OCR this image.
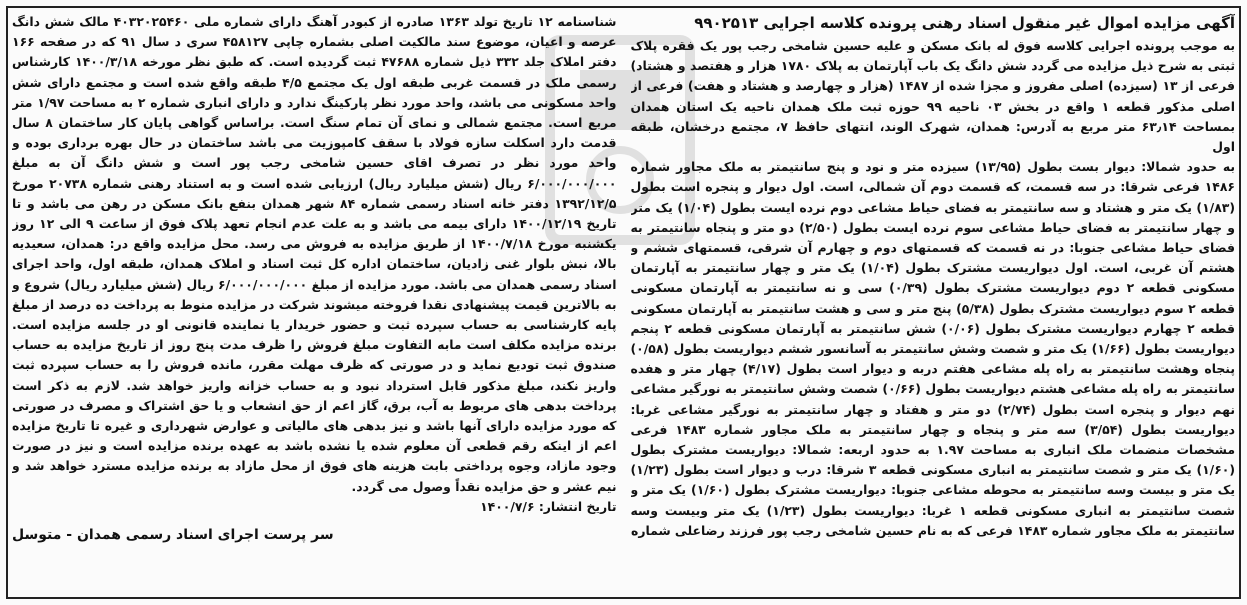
آگهی مزایده اموال غیر منقول اسناد رهنی پرونده کلاسه اجرایی ۹۹۰۲۵۱۳
به موجب پرونده اجرایی کلاسه فوق له بانک مسکن و علیه حسین شامخی رجب پور یک فقره پلاک ثبتی به شرح ذیل مزایده می گردد شش دانگ یک باب آپارتمان به پلاک ۱۷۸۰ هزار و هفتصد و هشتاد) فرعی از ۱۳ (سیزده) اصلی مفروز و مجزا شده از ۱۴۸۷ (هزار و چهارصد و هشتاد و هفت) فرعی از اصلی مذکور قطعه ۱ واقع در بخش ۰۳ ناحیه ۹۹ حوزه ثبت ملک همدان ناحیه یک استان همدان بمساحت ۶۳٫۱۴ متر مربع به آدرس: همدان، شهرک الوند، انتهای حافظ ۷، مجتمع درخشان، طبقه اول
به حدود شمالا: دیوار بست بطول (۱۳/۹۵) سیزده متر و نود و پنج سانتیمتر به ملک مجاور شماره ۱۴۸۶ فرعی شرقا: در سه قسمت، که قسمت دوم آن شمالی، است. اول دیوار و پنجره است بطول (۱/۸۳) یک متر و هشتاد و سه سانتیمتر به فضای حیاط مشاعی دوم نرده ایست بطول (۱/۰۴) یک متر و چهار سانتیمتر به فضای حیاط مشاعی سوم نرده ایست بطول (۲/۵۰) دو متر و پنجاه سانتیمتر به فضای حیاط مشاعی جنوبا: در نه قسمت که قسمتهای دوم و چهارم آن شرقی، قسمتهای ششم و هشتم آن غربی، است. اول دیواریست مشترک بطول (۱/۰۴) یک متر و چهار سانتیمتر به آپارتمان مسکونی قطعه ۲ دوم دیواریست مشترک بطول (۰/۳۹) سی و نه سانتیمتر به آپارتمان مسکونی قطعه ۲ سوم دیواریست مشترک بطول (۵/۳۸) پنج متر و سی و هشت سانتیمتر به آپارتمان مسکونی قطعه ۲ چهارم دیواریست مشترک بطول (۰/۰۶) شش سانتیمتر به آپارتمان مسکونی قطعه ۲ پنجم دیواریست بطول (۱/۶۶) یک متر و شصت وشش سانتیمتر به آسانسور ششم دیواریست بطول (۰/۵۸) پنجاه وهشت سانتیمتر به راه پله مشاعی هفتم دربه و دیوار است بطول (۴/۱۷) چهار متر و هفده سانتیمتر به راه پله مشاعی هشتم دیواریست بطول (۰/۶۶) شصت وشش سانتیمتر به نورگیر مشاعی نهم دیوار و پنجره است بطول (۲/۷۴) دو متر و هفتاد و چهار سانتیمتر به نورگیر مشاعی غربا: دیواریست بطول (۳/۵۴) سه متر و پنجاه و چهار سانتیمتر به ملک مجاور شماره ۱۴۸۳ فرعی مشخصات منضمات ملک انباری به مساحت ۱.۹۷ به حدود اربعه: شمالا: دیواریست مشترک بطول (۱/۶۰) یک متر و شصت سانتیمتر به انباری مسکونی قطعه ۳ شرقا: درب و دیوار است بطول (۱/۲۳) یک متر و بیست وسه سانتیمتر به محوطه مشاعی جنوبا: دیواریست مشترک بطول (۱/۶۰) یک متر و شصت سانتیمتر به انباری مسکونی قطعه ۱ غربا: دیواریست بطول (۱/۲۳) یک متر وبیست وسه سانتیمتر به ملک مجاور شماره ۱۴۸۳ فرعی که به نام حسین شامخی رجب پور فرزند رضاعلی شماره
شناسنامه ۱۲ تاریخ تولد ۱۳۶۳ صادره از کبودر آهنگ دارای شماره ملی ۴۰۳۲۰۲۵۴۶۰ مالک شش دانگ عرصه و اعیان، موضوع سند مالکیت اصلی بشماره چاپی ۴۵۸۱۲۷ سری د سال ۹۱ که در صفحه ۱۶۶ دفتر املاک جلد ۳۳۲ ذیل شماره ۴۷۶۸۸ ثبت گردیده است. که طبق نظر مورخه ۱۴۰۰/۳/۱۸ کارشناس رسمی ملک در قسمت غربی طبقه اول یک مجتمع ۴/۵ طبقه واقع شده است و مجتمع دارای شش واحد مسکونی می باشد، واحد مورد نظر پارکینگ ندارد و دارای انباری شماره ۲ به مساحت ۱/۹۷ متر مربع است. مجتمع شمالی و نمای آن تمام سنگ است. براساس گواهی پایان کار ساختمان ۸ سال قدمت دارد اسکلت سازه فولاد با سقف کامپوزیت می باشد ساختمان در حال بهره برداری بوده و واحد مورد نظر در تصرف اقای حسین شامخی رجب پور است و شش دانگ آن به مبلغ ۶/۰۰۰/۰۰۰/۰۰۰ ریال (شش میلیارد ریال) ارزیابی شده است و به استناد رهنی شماره ۲۰۷۳۸ مورخ ۱۳۹۲/۱۲/۵ دفتر خانه اسناد رسمی شماره ۸۴ شهر همدان بنفع بانک مسکن در رهن می باشد و تا تاریخ ۱۴۰۰/۱۲/۱۹ دارای بیمه می باشد و به علت عدم انجام تعهد پلاک فوق از ساعت ۹ الی ۱۲ روز یکشنبه مورخ ۱۴۰۰/۷/۱۸ از طریق مزایده به فروش می رسد. محل مزایده واقع در: همدان، سعیدیه بالا، نبش بلوار غنی زادیان، ساختمان اداره کل ثبت اسناد و املاک همدان، طبقه اول، واحد اجرای اسناد رسمی همدان می باشد. مورد مزایده از مبلغ ۶/۰۰۰/۰۰۰/۰۰۰ ریال (شش میلیارد ریال) شروع و به بالاترین قیمت پیشنهادی نقدا فروخته میشوند شرکت در مزایده منوط به پرداخت ده درصد از مبلغ پایه کارشناسی به حساب سپرده ثبت و حضور خریدار یا نماینده قانونی او در جلسه مزایده است. برنده مزایده مکلف است مابه التفاوت مبلغ فروش را ظرف مدت پنج روز از تاریخ مزایده به حساب صندوق ثبت تودیع نماید و در صورتی که ظرف مهلت مقرر، مانده فروش را به حساب سپرده ثبت واریز نکند، مبلغ مذکور قابل استرداد نبود و به حساب خزانه واریز خواهد شد. لازم به ذکر است پرداخت بدهی های مربوط به آب، برق، گاز اعم از حق انشعاب و یا حق اشتراک و مصرف در صورتی که مورد مزایده دارای آنها باشد و نیز بدهی های مالیاتی و عوارض شهرداری و غیره تا تاریخ مزایده اعم از اینکه رقم قطعی آن معلوم شده یا نشده باشد به عهده برنده مزایده است و نیز در صورت وجود مازاد، وجوه پرداختی بابت هزینه های فوق از محل مازاد به برنده مزایده مسترد خواهد شد و نیم عشر و حق مزایده نقداً وصول می گردد.
تاریخ انتشار: ۱۴۰۰/۷/۶
سر پرست اجرای اسناد رسمی همدان - متوسل
